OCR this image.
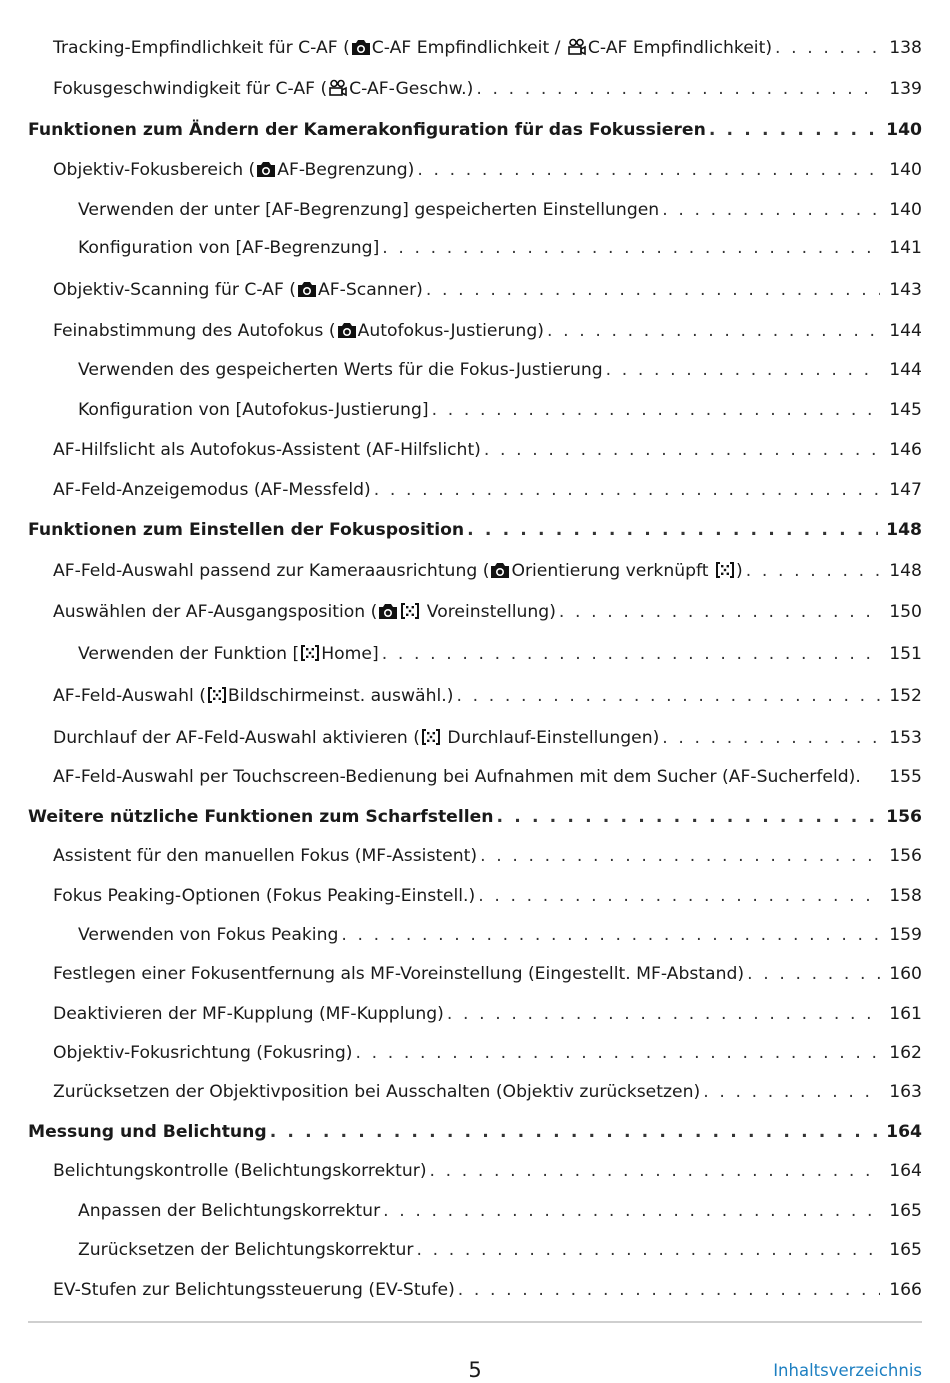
Tracking-Empfindlichkeit für C-AF ( C-AF Empfindlichkeit / C-AF Empfindlichkeit) . . .	138
Fokusgeschwindigkeit für C-AF ( C-AF-Geschw.) . . .	139
Funktionen zum Ändern der Kamerakonfiguration für das Fokussieren . . .	140
Objektiv-Fokusbereich ( AF-Begrenzung) . . .	140
Verwenden der unter [AF-Begrenzung] gespeicherten Einstellungen . . .	140
Konfiguration von [AF-Begrenzung] . . .	141
Objektiv-Scanning für C-AF ( AF-Scanner) . . .	143
Feinabstimmung des Autofokus ( Autofokus-Justierung) . . .	144
Verwenden des gespeicherten Werts für die Fokus-Justierung . . .	144
Konfiguration von [Autofokus-Justierung] . . .	145
AF-Hilfslicht als Autofokus-Assistent (AF-Hilfslicht) . . .	146
AF-Feld-Anzeigemodus (AF-Messfeld) . . .	147
Funktionen zum Einstellen der Fokusposition . . .	148
AF-Feld-Auswahl passend zur Kameraausrichtung ( Orientierung verknüpft ) . . .	148
Auswählen der AF-Ausgangsposition (	Voreinstellung) . . .	150
Verwenden der Funktion [ Home] . . .	151
AF-Feld-Auswahl ( Bildschirmeinst. auswähl.) . . .	152
Durchlauf der AF-Feld-Auswahl aktivieren ( Durchlauf-Einstellungen) . . .	153
AF-Feld-Auswahl per Touchscreen-Bedienung bei Aufnahmen mit dem Sucher (AF-Sucherfeld). 155
Weitere nützliche Funktionen zum Scharfstellen . . .	156
Assistent für den manuellen Fokus (MF-Assistent) . . .	156
Fokus Peaking-Optionen (Fokus Peaking-Einstell.) . . .	158
Verwenden von Fokus Peaking . . .	159
Festlegen einer Fokusentfernung als MF-Voreinstellung (Eingestellt. MF-Abstand) . . .	160
Deaktivieren der MF-Kupplung (MF-Kupplung) . . .	161
Objektiv-Fokusrichtung (Fokusring) . . .	162
Zurücksetzen der Objektivposition bei Ausschalten (Objektiv zurücksetzen) . . .	163
Messung und Belichtung . . .	164
Belichtungskontrolle (Belichtungskorrektur) . . .	164
Anpassen der Belichtungskorrektur . . .	165
Zurücksetzen der Belichtungskorrektur . . .	165
EV-Stufen zur Belichtungssteuerung (EV-Stufe) . . .	166
5	Inhaltsverzeichnis
